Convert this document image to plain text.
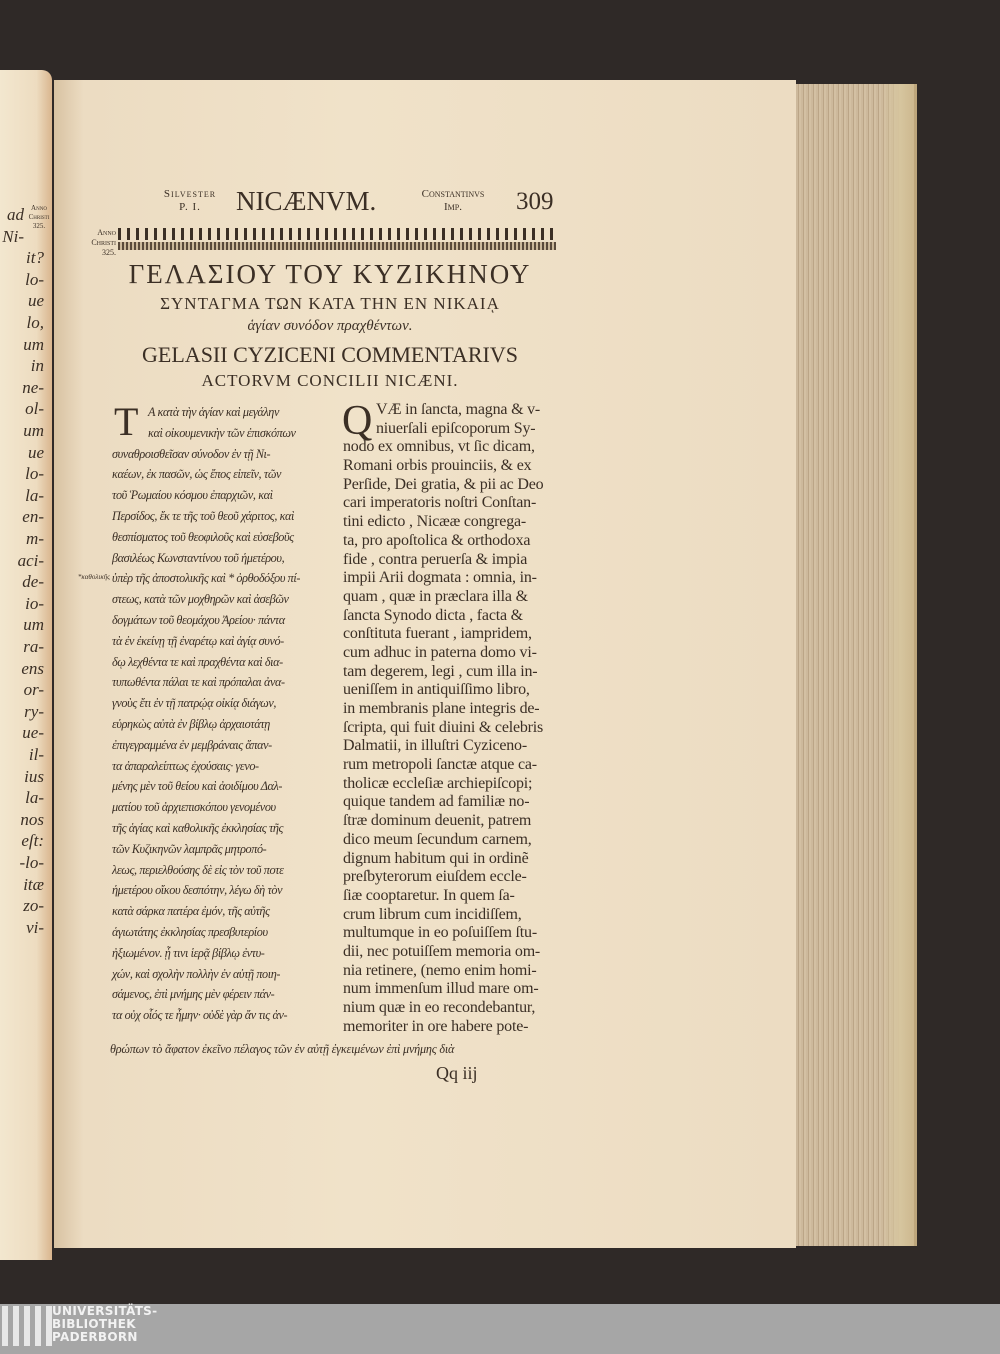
ad
Ni-
it?
lo-
ue
lo,
um
in
ne-
ol-
um
ue
lo-
la-
en-
m-
aci-
de-
io-
um
ra-
ens
or-
ry-
ue-
il-
ius
la-
nos
eſt:
-lo-
itæ
zo-
vi-
Anno
Christi
325.
Silvester
P. I.	NICÆNVM.	Constantinvs
Imp.	309
Anno
Christi
325.
ΓΕΛΑΣΙΟΥ ΤΟΥ ΚΥΖΙΚΗΝΟΥ
ΣΥΝΤΑΓΜΑ ΤΩΝ ΚΑΤΑ ΤΗΝ ΕΝ ΝΙΚΑΙᾼ
ἁγίαν συνόδον πραχθέντων.
GELASII CYZICENI COMMENTARIVS
ACTORVM CONCILII NICÆNI.
Τ
*καθολικῆς
Α κατὰ τὴν ἁγίαν καὶ μεγάλην
καὶ οἰκουμενικὴν τῶν ἐπισκόπων
συναθροισθεῖσαν σύνοδον ἐν τῇ Νι-
καέων, ἐκ πασῶν, ὡς ἔπος εἰπεῖν, τῶν
τοῦ Ῥωμαίου κόσμου ἐπαρχιῶν, καὶ
Περσίδος, ἔκ τε τῆς τοῦ θεοῦ χάριτος, καὶ
θεσπίσματος τοῦ θεοφιλοῦς καὶ εὐσεβοῦς
βασιλέως Κωνσταντίνου τοῦ ἡμετέρου,
ὑπὲρ τῆς ἀποστολικῆς καὶ * ὀρθοδόξου πί-
στεως, κατὰ τῶν μοχθηρῶν καὶ ἀσεβῶν
δογμάτων τοῦ θεομάχου Ἀρείου· πάντα
τὰ ἐν ἐκείνῃ τῇ ἐναρέτῳ καὶ ἁγίᾳ συνό-
δῳ λεχθέντα τε καὶ πραχθέντα καὶ δια-
τυπωθέντα πάλαι τε καὶ πρόπαλαι ἀνα-
γνοὺς ἔτι ἐν τῇ πατρῴᾳ οἰκίᾳ διάγων,
εὑρηκὼς αὐτὰ ἐν βίβλῳ ἀρχαιοτάτῃ
ἐπιγεγραμμένα ἐν μεμβράναις ἅπαν-
τα ἀπαραλείπτως ἐχούσαις· γενο-
μένης μὲν τοῦ θείου καὶ ἀοιδίμου Δαλ-
ματίου τοῦ ἀρχιεπισκόπου γενομένου
τῆς ἁγίας καὶ καθολικῆς ἐκκλησίας τῆς
τῶν Κυζικηνῶν λαμπρᾶς μητροπό-
λεως, περιελθούσης δὲ εἰς τὸν τοῦ ποτε
ἡμετέρου οἴκου δεσπότην, λέγω δὴ τὸν
κατὰ σάρκα πατέρα ἐμόν, τῆς αὐτῆς
ἁγιωτάτης ἐκκλησίας πρεσβυτερίου
ἠξιωμένον. ᾗ τινι ἱερᾷ βίβλῳ ἐντυ-
χών, καὶ σχολὴν πολλὴν ἐν αὐτῇ ποιη-
σάμενος, ἐπὶ μνήμης μὲν φέρειν πάν-
τα οὐχ οἷός τε ἦμην· οὐδὲ γὰρ ἄν τις ἀν-
θρώπων τὸ ἄφατον ἐκεῖνο πέλαγος τῶν ἐν αὐτῇ ἐγκειμένων ἐπὶ μνήμης διὰ
Q VÆ in ſancta, magna & v-
niuerſali epiſcoporum Sy-
nodo ex omnibus, vt ſic dicam,
Romani orbis prouinciis, & ex
Perſide, Dei gratia, & pii ac Deo
cari imperatoris noſtri Conſtan-
tini edicto , Nicææ congrega-
ta, pro apoſtolica & orthodoxa
fide , contra peruerſa & impia
impii Arii dogmata : omnia, in-
quam , quæ in præclara illa &
ſancta Synodo dicta , facta &
conſtituta fuerant , iampridem,
cum adhuc in paterna domo vi-
tam degerem, legi , cum illa in-
ueniſſem in antiquiſſimo libro,
in membranis plane integris de-
ſcripta, qui fuit diuini & celebris
Dalmatii, in illuſtri Cyziceno-
rum metropoli ſanctæ atque ca-
tholicæ eccleſiæ archiepiſcopi;
quique tandem ad familiæ no-
ſtræ dominum deuenit, patrem
dico meum ſecundum carnem,
dignum habitum qui in ordinẽ
preſbyterorum eiuſdem eccle-
ſiæ cooptaretur. In quem ſa-
crum librum cum incidiſſem,
multumque in eo poſuiſſem ſtu-
dii, nec potuiſſem memoria om-
nia retinere, (nemo enim homi-
num immenſum illud mare om-
nium quæ in eo recondebantur,
memoriter in ore habere pote-
Qq iij
UNIVERSITÄTS-
BIBLIOTHEK
PADERBORN
